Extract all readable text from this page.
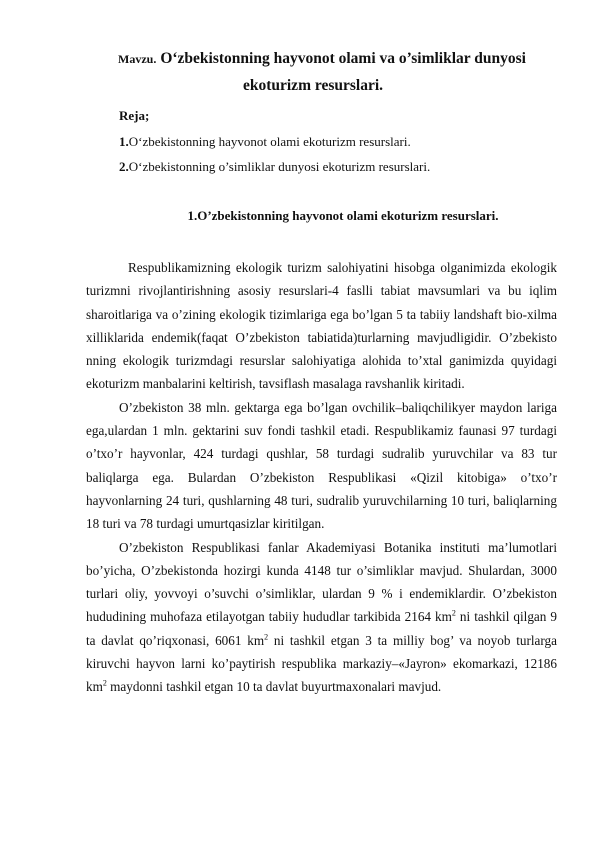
Mavzu. O‘zbekistonning hayvonot olami va o’simliklar dunyosi
ekoturizm resurslari.
Reja;
1.O‘zbekistonning hayvonot olami ekoturizm resurslari.
2.O‘zbekistonning o’simliklar dunyosi ekoturizm resurslari.
1.O’zbekistonning hayvonot olami ekoturizm resurslari.

Respublikamizning ekologik turizm salohiyatini hisobga olganimizda ekologik turizmni rivojlantirishning asosiy resurslari-4 faslli tabiat mavsumlari va bu iqlim sharoitlariga va o’zining ekologik tizimlariga ega bo’lgan 5 ta tabiiy landshaft bio-xilma xilliklarida endemik(faqat O’zbekiston tabiatida)turlarning mavjudligidir. O’zbekisto nning ekologik turizmdagi resurslar salohiyatiga alohida to’xtal ganimizda quyidagi ekoturizm manbalarini keltirish, tavsiflash masalaga ravshanlik kiritadi.

O’zbekiston 38 mln. gektarga ega bo’lgan ovchilik–baliqchilikyer maydon lariga ega,ulardan 1 mln. gektarini suv fondi tashkil etadi. Respublikamiz faunasi 97 turdagi o’txo’r hayvonlar, 424 turdagi qushlar, 58 turdagi sudralib yuruvchilar va 83 tur baliqlarga ega. Bulardan O’zbekiston Respublikasi «Qizil kitobiga» o’txo’r hayvonlarning 24 turi, qushlarning 48 turi, sudralib yuruvchilarning 10 turi, baliqlarning 18 turi va 78 turdagi umurtqasizlar kiritilgan.

O’zbekiston Respublikasi fanlar Akademiyasi Botanika instituti ma’lumotlari bo’yicha, O’zbekistonda hozirgi kunda 4148 tur o’simliklar mavjud. Shulardan, 3000 turlari oliy, yovvoyi o’suvchi o’simliklar, ulardan 9 % i endemiklardir. O’zbekiston hududining muhofaza etilayotgan tabiiy hududlar tarkibida 2164 $km^2$ ni tashkil qilgan 9 ta davlat qo’riqxonasi, 6061 $km^2$ ni tashkil etgan 3 ta milliy bog’ va noyob turlarga kiruvchi hayvon larni ko’paytirish respublika markaziy–«Jayron» ekomarkazi, 12186 $km^2$ maydonni tashkil etgan 10 ta davlat buyurtmaxonalari mavjud.
